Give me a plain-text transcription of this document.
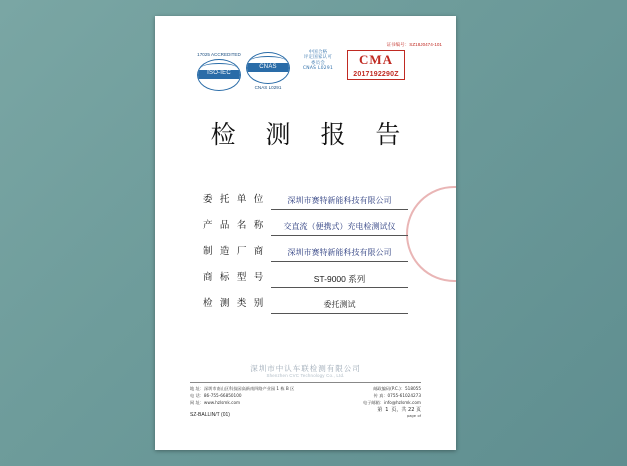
证书编号：SZ18J0474-101
17025 ACCREDITED
ISO-IEC
CNAS
CNAS L0291
中国合格
评定国家认可
委员会
CNAS L0291
CMA
2017192290Z
检 测 报 告
委 托 单 位	深圳市赛特新能科技有限公司
产 品 名 称	交直流（便携式）充电检测试仪
制 造 厂 商	深圳市赛特新能科技有限公司
商 标 型 号	ST-9000 系列
检 测 类 别	委托测试
深圳市中认车联检测有限公司
Shenzhen CVC Technology Co., Ltd.
地 址：深圳市南山区科技园高新南四路产业园 1 栋 B 区
电 话：86-755-66850100
网 址：www.hzlsmk.com
邮政编码(P.C.)：518055
传 真：0755-61024273
电子邮箱：info@hzlsmk.com
SZ-BALLIN/T (01)
第 1 页，共 22 页
page of
